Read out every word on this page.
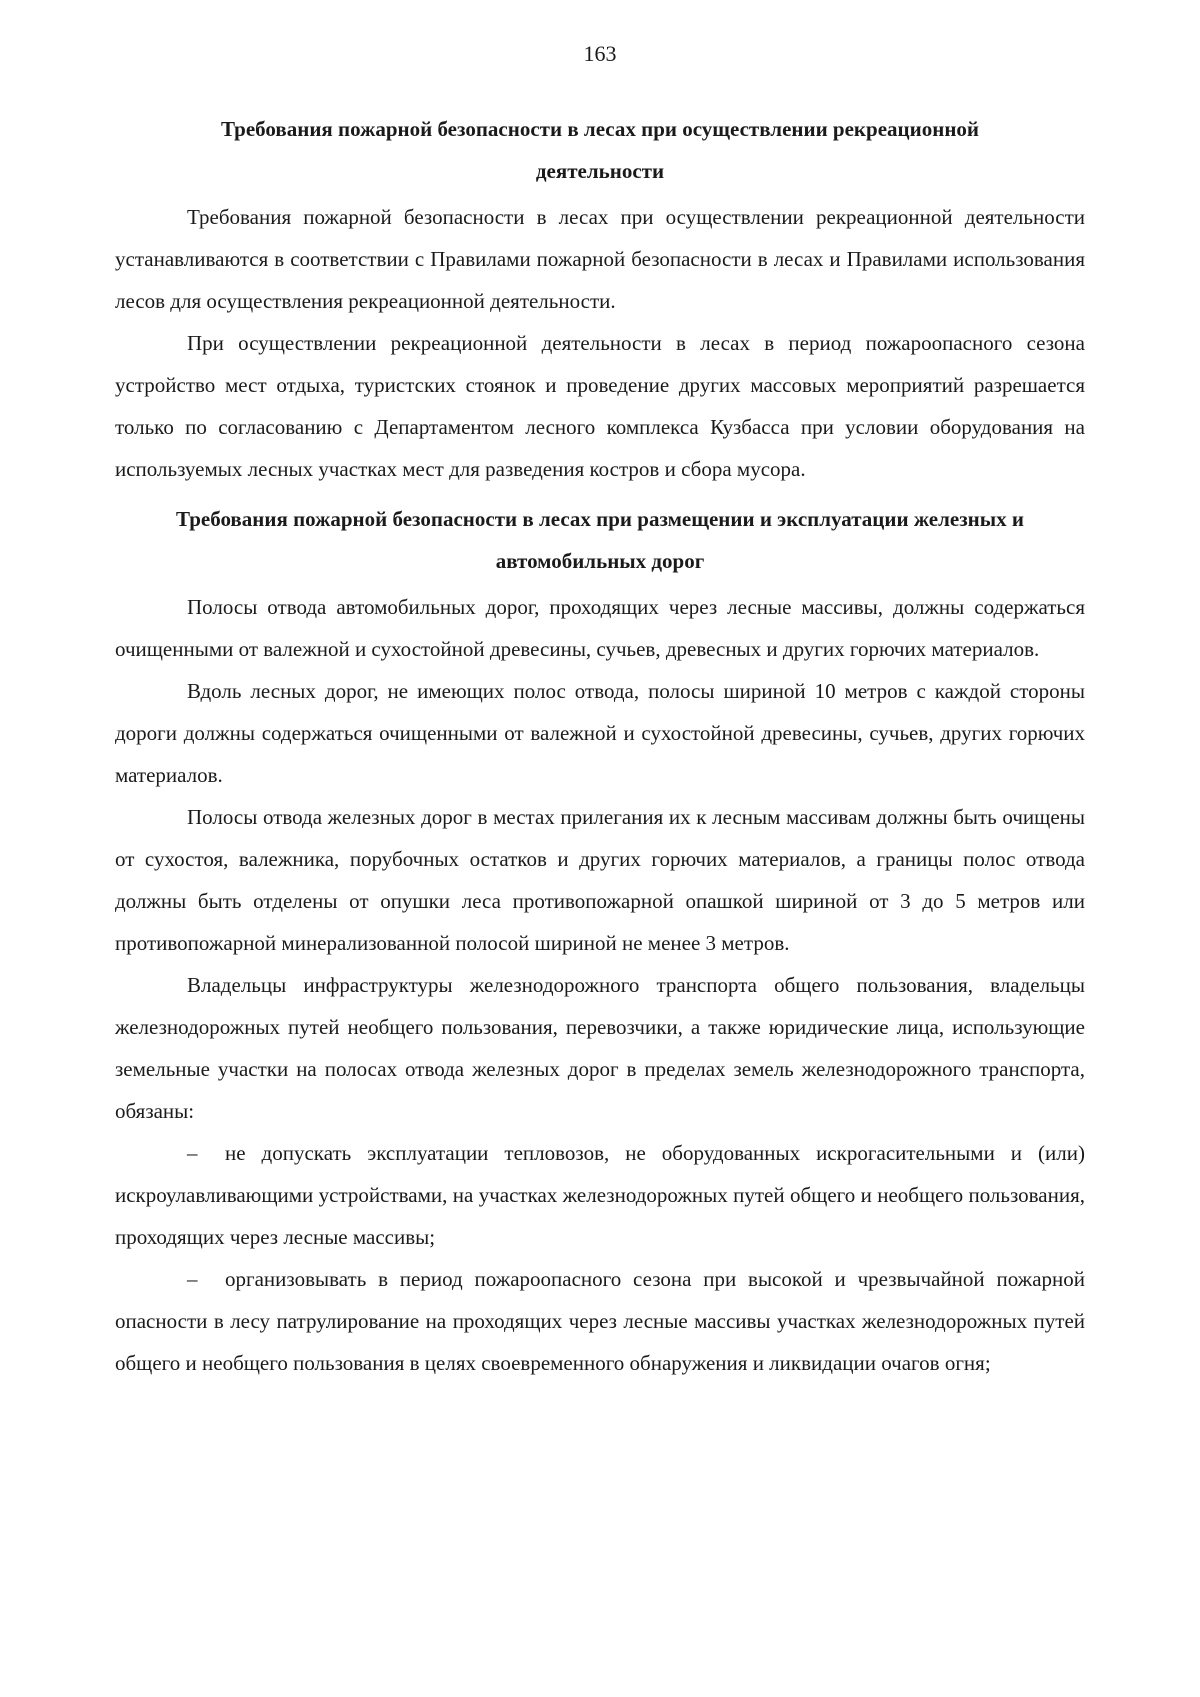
163
Требования пожарной безопасности в лесах при осуществлении рекреационной деятельности

Требования пожарной безопасности в лесах при осуществлении рекреационной деятельности устанавливаются в соответствии с Правилами пожарной безопасности в лесах и Правилами использования лесов для осуществления рекреационной деятельности.

При осуществлении рекреационной деятельности в лесах в период пожароопасного сезона устройство мест отдыха, туристских стоянок и проведение других массовых мероприятий разрешается только по согласованию с Департаментом лесного комплекса Кузбасса при условии оборудования на используемых лесных участках мест для разведения костров и сбора мусора.

Требования пожарной безопасности в лесах при размещении и эксплуатации железных и автомобильных дорог

Полосы отвода автомобильных дорог, проходящих через лесные массивы, должны содержаться очищенными от валежной и сухостойной древесины, сучьев, древесных и других горючих материалов.

Вдоль лесных дорог, не имеющих полос отвода, полосы шириной 10 метров с каждой стороны дороги должны содержаться очищенными от валежной и сухостойной древесины, сучьев, других горючих материалов.

Полосы отвода железных дорог в местах прилегания их к лесным массивам должны быть очищены от сухостоя, валежника, порубочных остатков и других горючих материалов, а границы полос отвода должны быть отделены от опушки леса противопожарной опашкой шириной от 3 до 5 метров или противопожарной минерализованной полосой шириной не менее 3 метров.

Владельцы инфраструктуры железнодорожного транспорта общего пользования, владельцы железнодорожных путей необщего пользования, перевозчики, а также юридические лица, использующие земельные участки на полосах отвода железных дорог в пределах земель железнодорожного транспорта, обязаны:

– не допускать эксплуатации тепловозов, не оборудованных искрогасительными и (или) искроулавливающими устройствами, на участках железнодорожных путей общего и необщего пользования, проходящих через лесные массивы;

– организовывать в период пожароопасного сезона при высокой и чрезвычайной пожарной опасности в лесу патрулирование на проходящих через лесные массивы участках железнодорожных путей общего и необщего пользования в целях своевременного обнаружения и ликвидации очагов огня;
